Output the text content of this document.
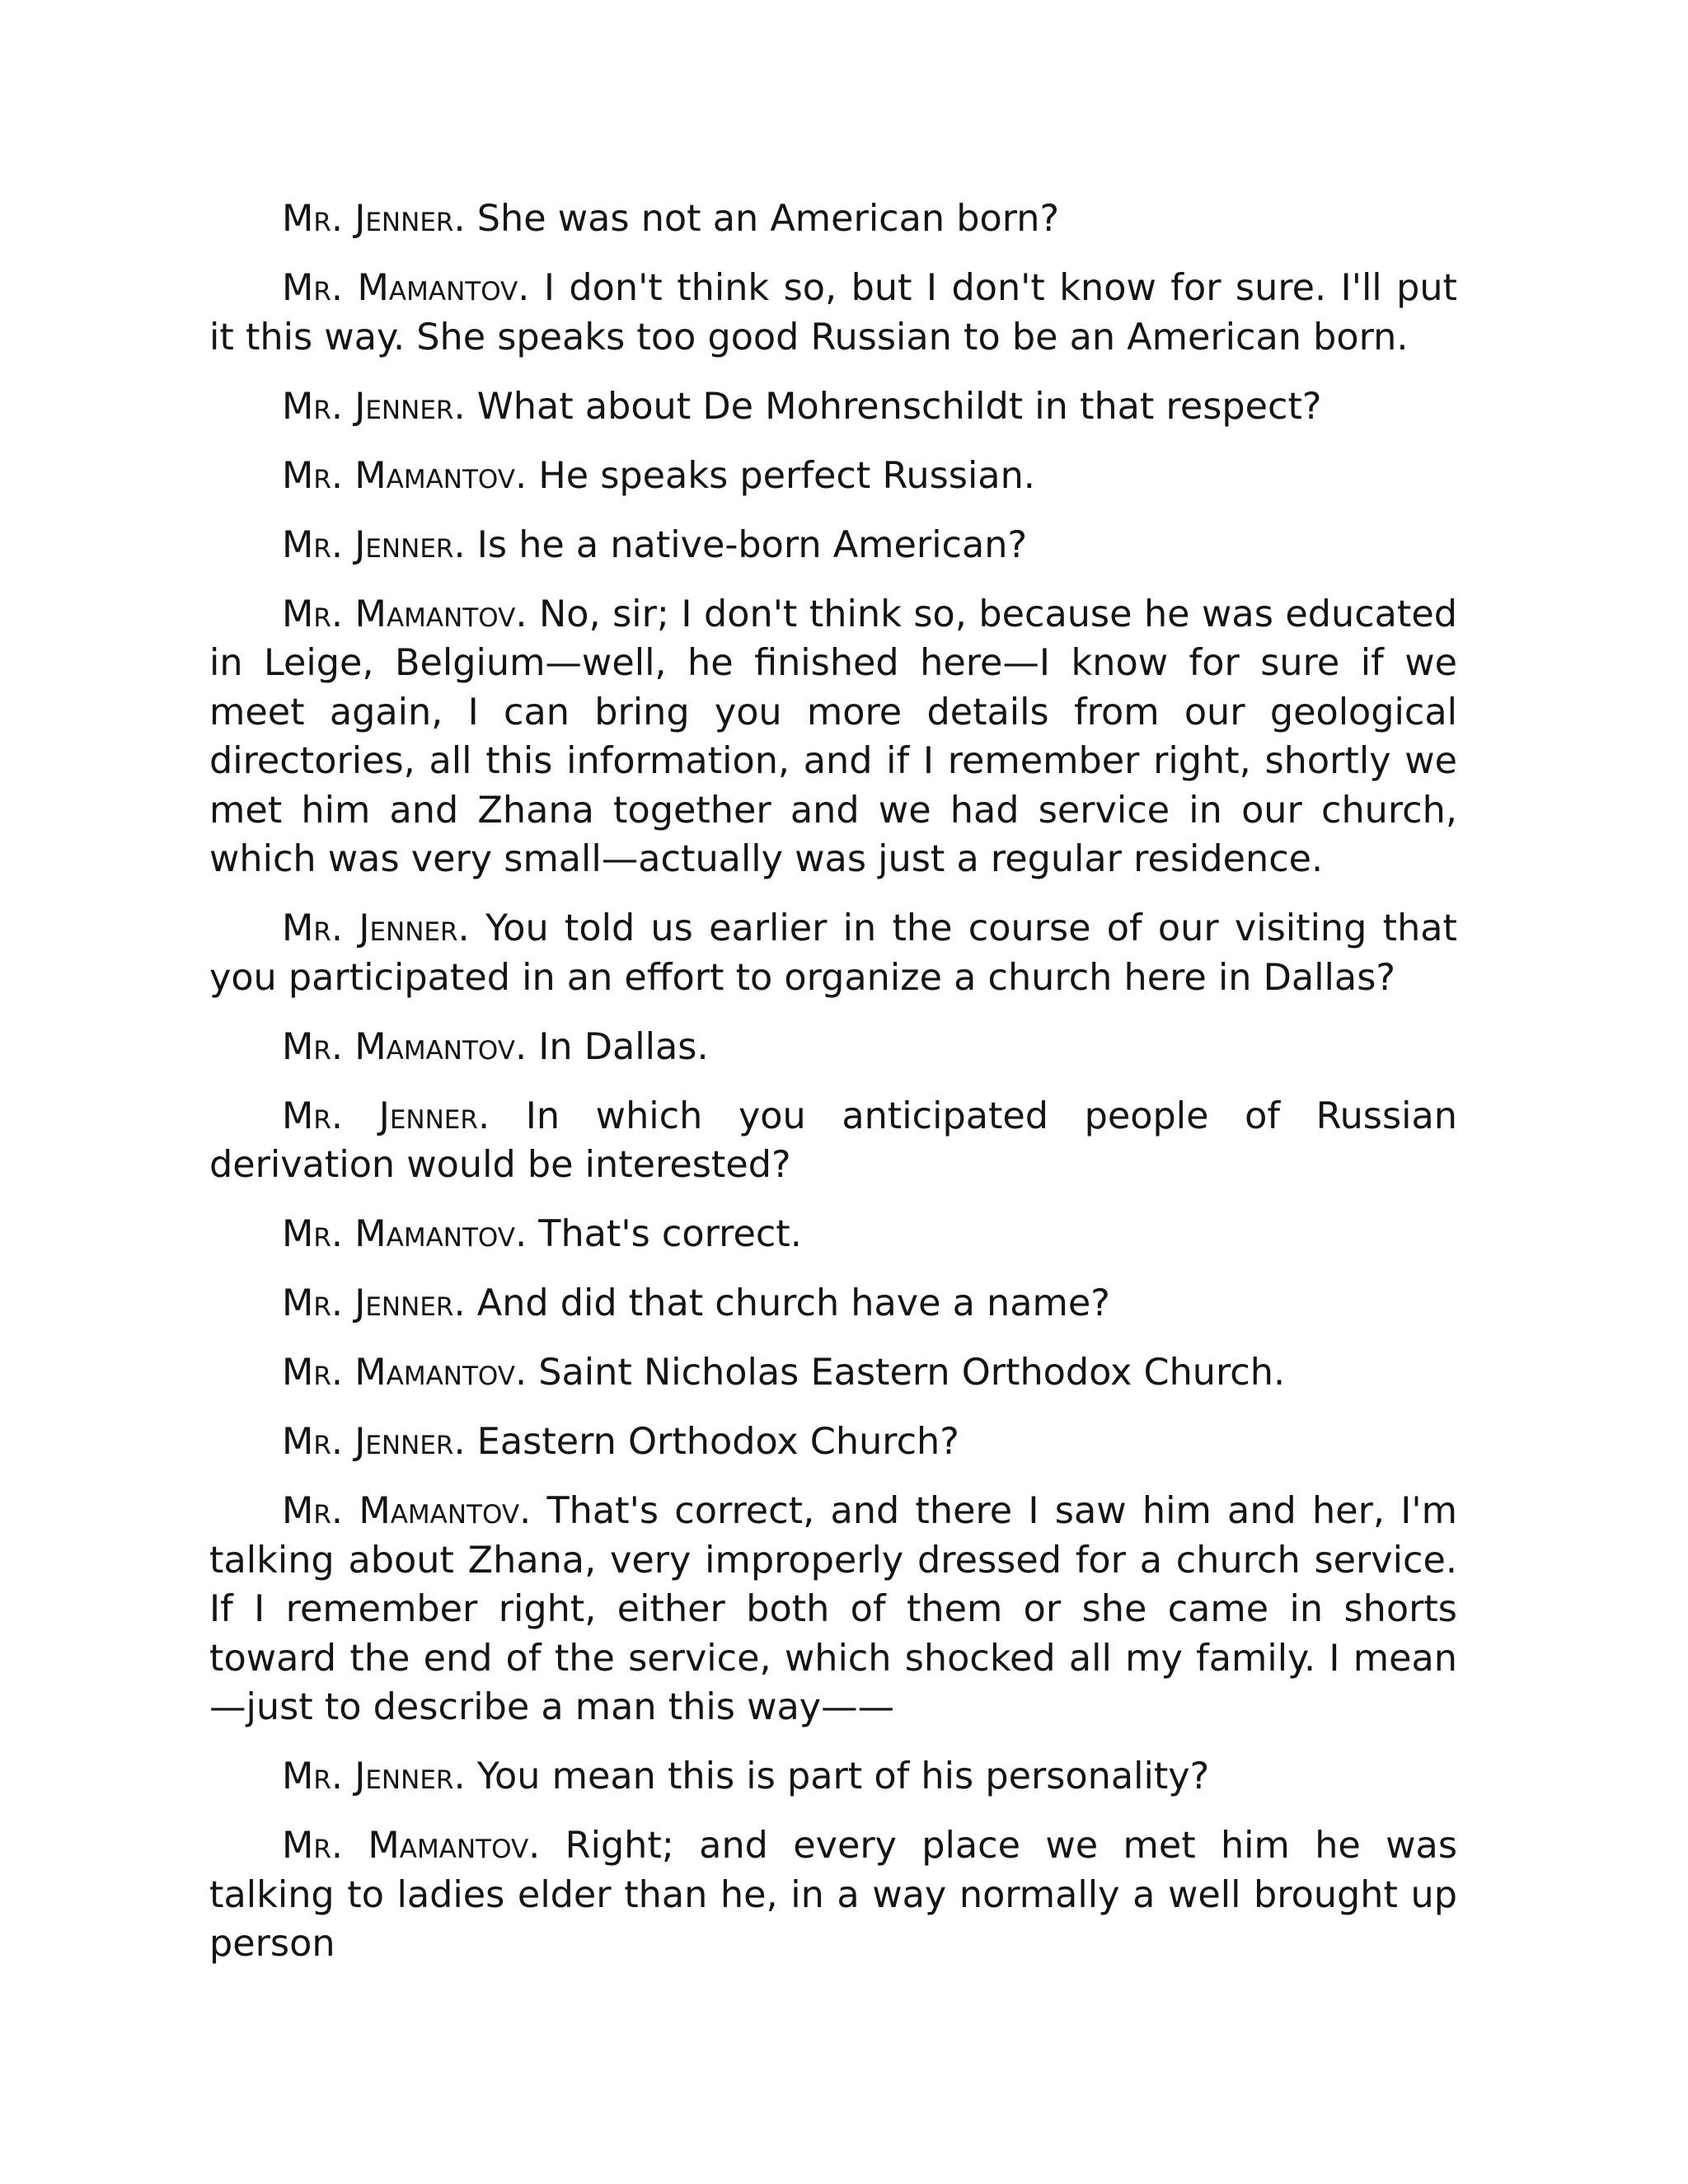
Mr. Jenner. She was not an American born?

Mr. Mamantov. I don't think so, but I don't know for sure. I'll put it this way. She speaks too good Russian to be an American born.

Mr. Jenner. What about De Mohrenschildt in that respect?

Mr. Mamantov. He speaks perfect Russian.

Mr. Jenner. Is he a native-born American?

Mr. Mamantov. No, sir; I don't think so, because he was educated in Leige, Belgium—well, he finished here—I know for sure if we meet again, I can bring you more details from our geological directories, all this information, and if I remember right, shortly we met him and Zhana together and we had service in our church, which was very small—actually was just a regular residence.

Mr. Jenner. You told us earlier in the course of our visiting that you participated in an effort to organize a church here in Dallas?

Mr. Mamantov. In Dallas.

Mr. Jenner. In which you anticipated people of Russian derivation would be interested?

Mr. Mamantov. That's correct.

Mr. Jenner. And did that church have a name?

Mr. Mamantov. Saint Nicholas Eastern Orthodox Church.

Mr. Jenner. Eastern Orthodox Church?

Mr. Mamantov. That's correct, and there I saw him and her, I'm talking about Zhana, very improperly dressed for a church service. If I remember right, either both of them or she came in shorts toward the end of the service, which shocked all my family. I mean—just to describe a man this way——

Mr. Jenner. You mean this is part of his personality?

Mr. Mamantov. Right; and every place we met him he was talking to ladies elder than he, in a way normally a well brought up person
